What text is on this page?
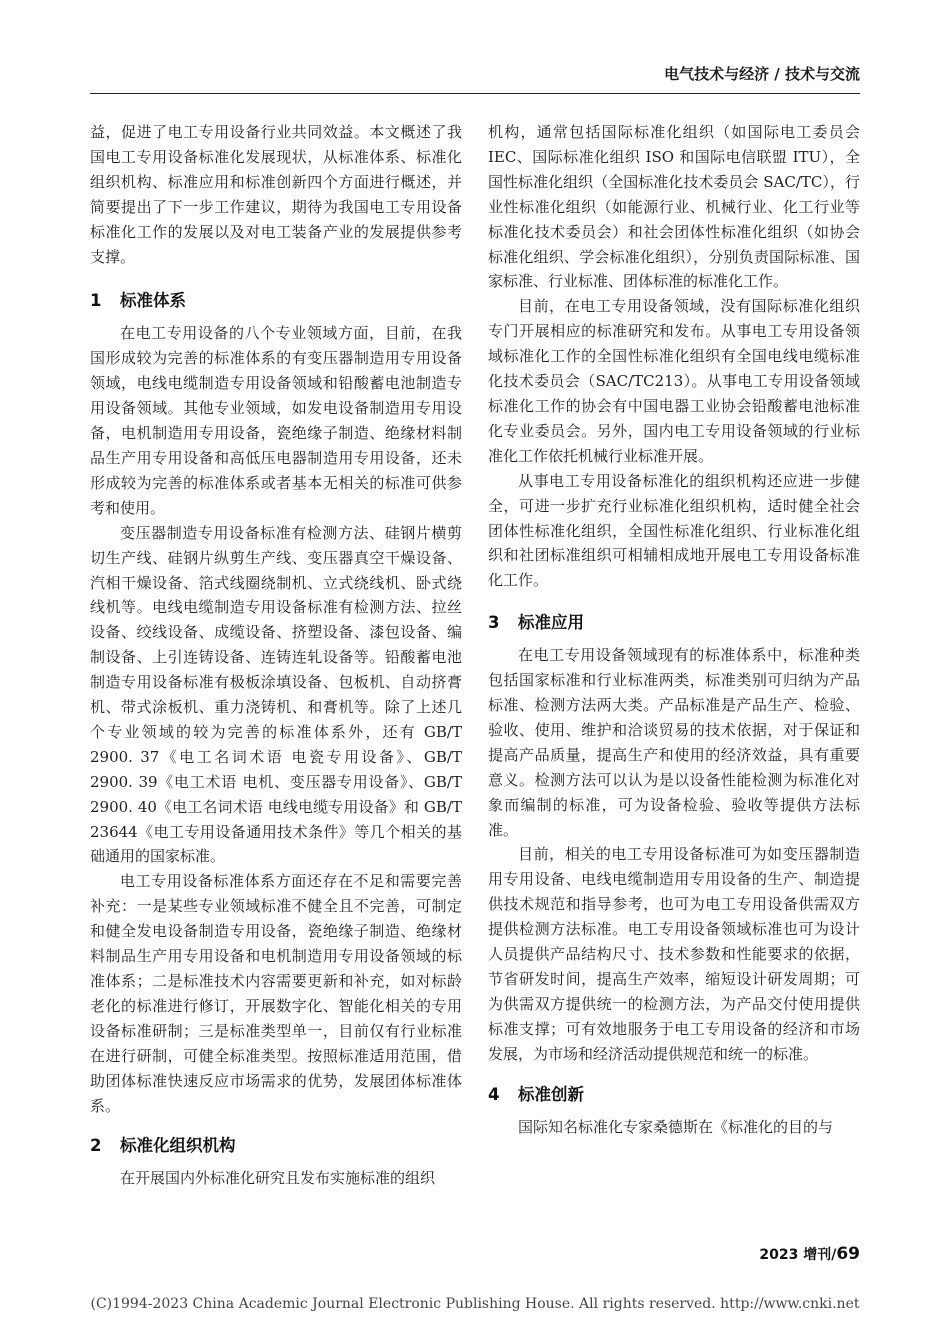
电气技术与经济 / 技术与交流

益，促进了电工专用设备行业共同效益。本文概述了我国电工专用设备标准化发展现状，从标准体系、标准化组织机构、标准应用和标准创新四个方面进行概述，并简要提出了下一步工作建议，期待为我国电工专用设备标准化工作的发展以及对电工装备产业的发展提供参考支撑。

1 标准体系

在电工专用设备的八个专业领域方面，目前，在我国形成较为完善的标准体系的有变压器制造用专用设备领域，电线电缆制造专用设备领域和铅酸蓄电池制造专用设备领域。其他专业领域，如发电设备制造用专用设备，电机制造用专用设备，瓷绝缘子制造、绝缘材料制品生产用专用设备和高低压电器制造用专用设备，还未形成较为完善的标准体系或者基本无相关的标准可供参考和使用。

变压器制造专用设备标准有检测方法、硅钢片横剪切生产线、硅钢片纵剪生产线、变压器真空干燥设备、汽相干燥设备、箔式线圈绕制机、立式绕线机、卧式绕线机等。电线电缆制造专用设备标准有检测方法、拉丝设备、绞线设备、成缆设备、挤塑设备、漆包设备、编制设备、上引连铸设备、连铸连轧设备等。铅酸蓄电池制造专用设备标准有极板涂填设备、包板机、自动挤膏机、带式涂板机、重力浇铸机、和膏机等。除了上述几个专业领域的较为完善的标准体系外，还有 GB/T 2900. 37《电工名词术语 电瓷专用设备》、GB/T 2900. 39《电工术语 电机、变压器专用设备》、GB/T 2900. 40《电工名词术语 电线电缆专用设备》和 GB/T 23644《电工专用设备通用技术条件》等几个相关的基础通用的国家标准。

电工专用设备标准体系方面还存在不足和需要完善补充：一是某些专业领域标准不健全且不完善，可制定和健全发电设备制造专用设备，瓷绝缘子制造、绝缘材料制品生产用专用设备和电机制造用专用设备领域的标准体系；二是标准技术内容需要更新和补充，如对标龄老化的标准进行修订，开展数字化、智能化相关的专用设备标准研制；三是标准类型单一，目前仅有行业标准在进行研制，可健全标准类型。按照标准适用范围，借助团体标准快速反应市场需求的优势，发展团体标准体系。

2 标准化组织机构

在开展国内外标准化研究且发布实施标准的组织

机构，通常包括国际标准化组织（如国际电工委员会 IEC、国际标准化组织 ISO 和国际电信联盟 ITU），全国性标准化组织（全国标准化技术委员会 SAC/TC），行业性标准化组织（如能源行业、机械行业、化工行业等标准化技术委员会）和社会团体性标准化组织（如协会标准化组织、学会标准化组织），分别负责国际标准、国家标准、行业标准、团体标准的标准化工作。

目前，在电工专用设备领域，没有国际标准化组织专门开展相应的标准研究和发布。从事电工专用设备领域标准化工作的全国性标准化组织有全国电线电缆标准化技术委员会（SAC/TC213）。从事电工专用设备领域标准化工作的协会有中国电器工业协会铅酸蓄电池标准化专业委员会。另外，国内电工专用设备领域的行业标准化工作依托机械行业标准开展。

从事电工专用设备标准化的组织机构还应进一步健全，可进一步扩充行业标准化组织机构，适时健全社会团体性标准化组织，全国性标准化组织、行业标准化组织和社团标准组织可相辅相成地开展电工专用设备标准化工作。

3 标准应用

在电工专用设备领域现有的标准体系中，标准种类包括国家标准和行业标准两类，标准类别可归纳为产品标准、检测方法两大类。产品标准是产品生产、检验、验收、使用、维护和洽谈贸易的技术依据，对于保证和提高产品质量，提高生产和使用的经济效益，具有重要意义。检测方法可以认为是以设备性能检测为标准化对象而编制的标准，可为设备检验、验收等提供方法标准。

目前，相关的电工专用设备标准可为如变压器制造用专用设备、电线电缆制造用专用设备的生产、制造提供技术规范和指导参考，也可为电工专用设备供需双方提供检测方法标准。电工专用设备领域标准也可为设计人员提供产品结构尺寸、技术参数和性能要求的依据，节省研发时间，提高生产效率，缩短设计研发周期；可为供需双方提供统一的检测方法，为产品交付使用提供标准支撑；可有效地服务于电工专用设备的经济和市场发展，为市场和经济活动提供规范和统一的标准。

4 标准创新

国际知名标准化专家桑德斯在《标准化的目的与

2023 增刊/69
(C)1994-2023 China Academic Journal Electronic Publishing House. All rights reserved. http://www.cnki.net
